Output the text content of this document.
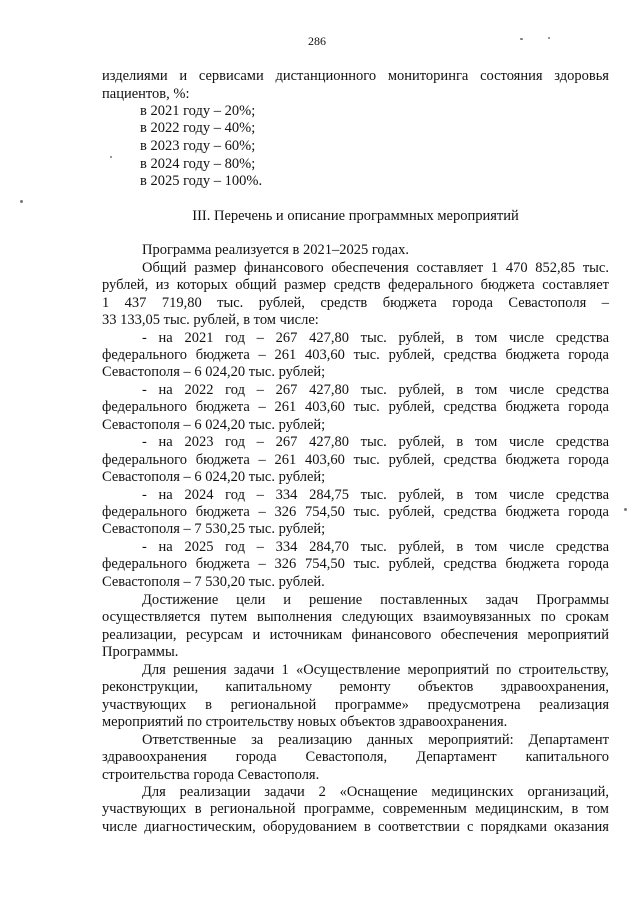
286
изделиями и сервисами дистанционного мониторинга состояния здоровья
пациентов, %:
в 2021 году – 20%;
в 2022 году – 40%;
в 2023 году – 60%;
в 2024 году – 80%;
в 2025 году – 100%.
III. Перечень и описание программных мероприятий
Программа реализуется в 2021–2025 годах.
Общий размер финансового обеспечения составляет 1 470 852,85 тыс.
рублей, из которых общий размер средств федерального бюджета составляет
1 437 719,80 тыс. рублей, средств бюджета города Севастополя –
33 133,05 тыс. рублей, в том числе:
- на 2021 год – 267 427,80 тыс. рублей, в том числе средства
федерального бюджета – 261 403,60 тыс. рублей, средства бюджета города
Севастополя – 6 024,20 тыс. рублей;
- на 2022 год – 267 427,80 тыс. рублей, в том числе средства
федерального бюджета – 261 403,60 тыс. рублей, средства бюджета города
Севастополя – 6 024,20 тыс. рублей;
- на 2023 год – 267 427,80 тыс. рублей, в том числе средства
федерального бюджета – 261 403,60 тыс. рублей, средства бюджета города
Севастополя – 6 024,20 тыс. рублей;
- на 2024 год – 334 284,75 тыс. рублей, в том числе средства
федерального бюджета – 326 754,50 тыс. рублей, средства бюджета города
Севастополя – 7 530,25 тыс. рублей;
- на 2025 год – 334 284,70 тыс. рублей, в том числе средства
федерального бюджета – 326 754,50 тыс. рублей, средства бюджета города
Севастополя – 7 530,20 тыс. рублей.
Достижение цели и решение поставленных задач Программы
осуществляется путем выполнения следующих взаимоувязанных по срокам
реализации, ресурсам и источникам финансового обеспечения мероприятий
Программы.
Для решения задачи 1 «Осуществление мероприятий по строительству,
реконструкции, капитальному ремонту объектов здравоохранения,
участвующих в региональной программе» предусмотрена реализация
мероприятий по строительству новых объектов здравоохранения.
Ответственные за реализацию данных мероприятий: Департамент
здравоохранения города Севастополя, Департамент капитального
строительства города Севастополя.
Для реализации задачи 2 «Оснащение медицинских организаций,
участвующих в региональной программе, современным медицинским, в том
числе диагностическим, оборудованием в соответствии с порядками оказания
